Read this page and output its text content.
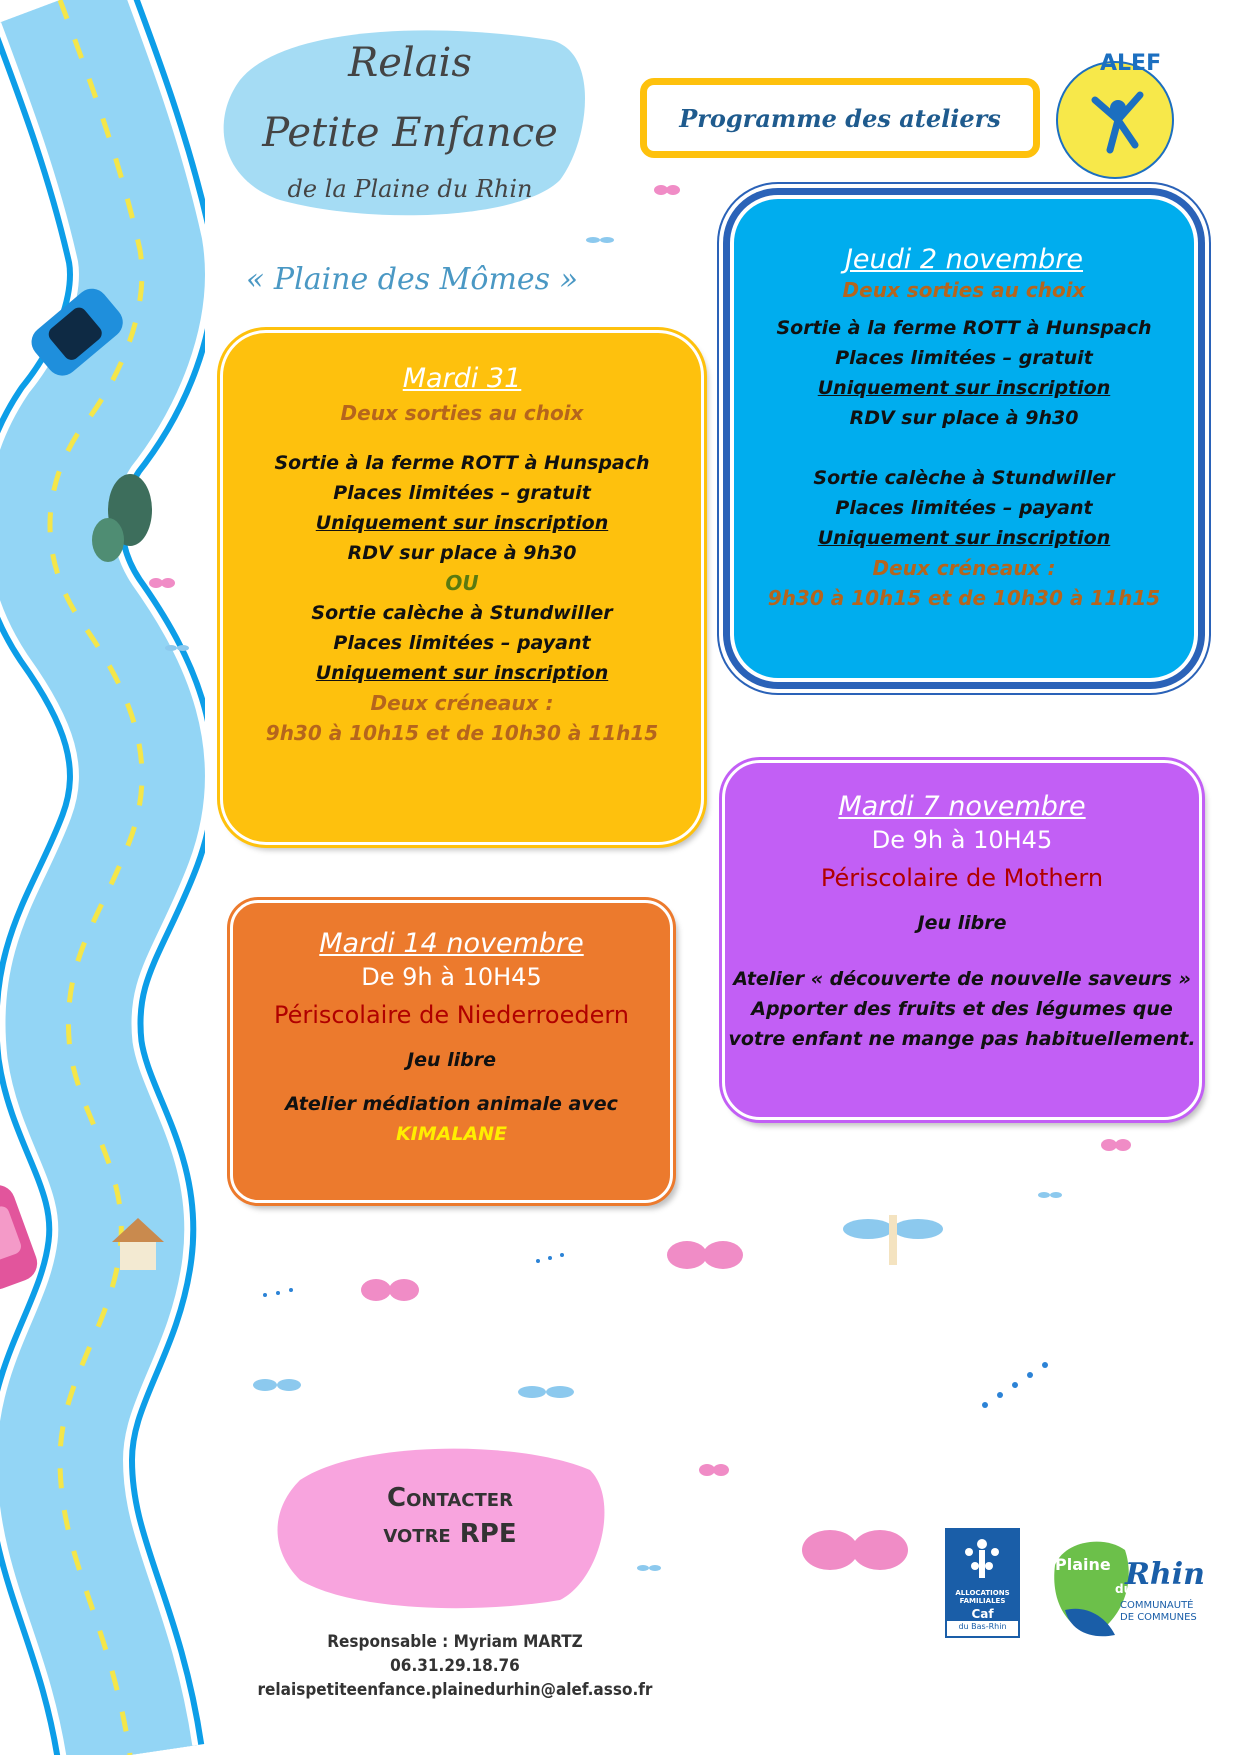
Relais
Petite Enfance
de la Plaine du Rhin
« Plaine des Mômes »
Programme des ateliers
ALEF
Mardi 31
Deux sorties au choix
Sortie à la ferme ROTT à Hunspach
Places limitées – gratuit
Uniquement sur inscription
RDV sur place à 9h30
OU
Sortie calèche à Stundwiller
Places limitées – payant
Uniquement sur inscription
Deux créneaux :
9h30 à 10h15 et de 10h30 à 11h15
Jeudi 2 novembre
Deux sorties au choix
Sortie à la ferme ROTT à Hunspach
Places limitées – gratuit
Uniquement sur inscription
RDV sur place à 9h30
Sortie calèche à Stundwiller
Places limitées – payant
Uniquement sur inscription
Deux créneaux :
9h30 à 10h15 et de 10h30 à 11h15
Mardi 7 novembre
De 9h à 10H45
Périscolaire de Mothern
Jeu libre
Atelier « découverte de nouvelle saveurs »
Apporter des fruits et des légumes que
votre enfant ne mange pas habituellement.
Mardi 14 novembre
De 9h à 10H45
Périscolaire de Niederroedern
Jeu libre
Atelier médiation animale avec
KIMALANE
Contacter
votre RPE
Responsable : Myriam MARTZ
06.31.29.18.76
relaispetiteenfance.plainedurhin@alef.asso.fr
ALLOCATIONS FAMILIALES
Caf
du Bas-Rhin
Plaine
du
Rhin
COMMUNAUTÉ
DE COMMUNES
